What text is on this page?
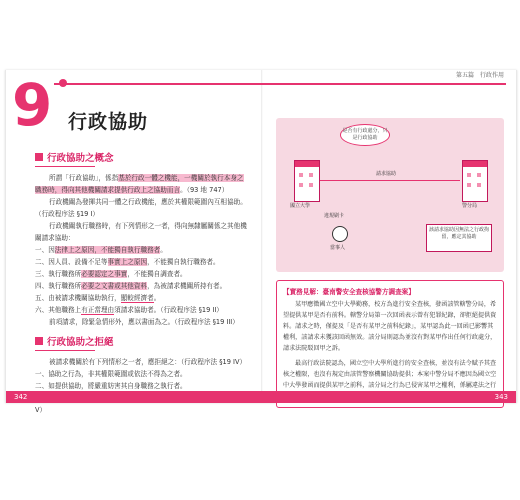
9	第五篇　行政作用
行政協助
行政協助之概念

所謂「行政協助」，係指基於行政一體之機能，一機關於執行本身之職務時，得向其他機關請求提供行政上之協助而言。（93 地 747）

行政機關為發揮共同一體之行政機能，應於其權限範圍內互相協助。（行政程序法 §19 I）

行政機關執行職務時，有下列情形之一者，得向無隸屬關係之其他機關請求協助：

一、因法律上之原因，不能獨自執行職務者。

二、因人員、設備不足等事實上之原因，不能獨自執行職務者。

三、執行職務所必要認定之事實，不能獨自調查者。

四、執行職務所必要之文書或其他資料，為被請求機關所持有者。

五、由被請求機關協助執行，顯較經濟者。

六、其他職務上有正當理由須請求協助者。（行政程序法 §19 II）

前項請求，除緊急情形外，應以書面為之。（行政程序法 §19 III）

行政協助之拒絕

被請求機關於有下列情形之一者，應拒絕之：（行政程序法 §19 IV）

一、協助之行為，非其權限範圍或依法不得為之者。

二、如提供協助，將嚴重妨害其自身職務之執行者。

V）

是否有行政處分，只是行政協助
國立大學	警分局
請求協助
違規刷卡
當事人
該請求協助因無法之行政拘留，應定其協助

【實務見解：臺南警安全查核協警方調查案】

某甲應徵國立空中大學勤務，校方為進行安全查核，發函該管轄警分局，希望提供某甲是否有前科。轄警分局第一次回函表示曾有犯罪紀錄，卻拒絕提供資料。請求之時，僅提及「是否有某甲之前科紀錄」，某甲認為此一回函已影響其權利，該請求未獲該回函無效。該分局則認為並沒有對某甲作出任何行政處分，請求法院駁回甲之訴。

最高行政法院認為，國立空中大學所進行的安全查核，並沒有法令賦予其查核之權限，也沒有規定由該管警察機關協助提供；本案中警分局不應因為國立空中大學發函而提供某甲之前科，該分局之行為已侵害某甲之權利，係屬違法之行

342	343
